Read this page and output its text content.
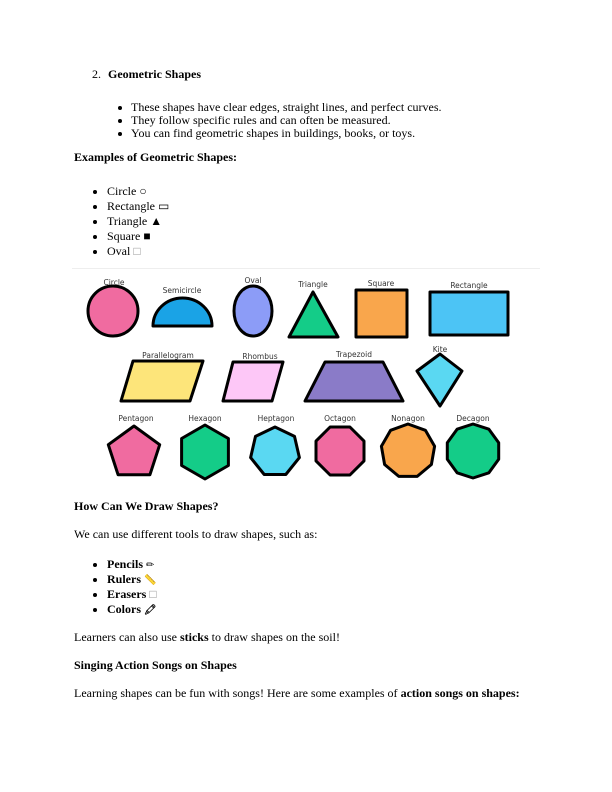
2. Geometric Shapes
These shapes have clear edges, straight lines, and perfect curves.
They follow specific rules and can often be measured.
You can find geometric shapes in buildings, books, or toys.
Examples of Geometric Shapes:
Circle ○
Rectangle ▭
Triangle ▲
Square ■
Oval □
Circle
Semicircle
Oval	Triangle	Square	Rectangle
Parallelogram	Rhombus	Trapezoid
Kite
Pentagon	Hexagon	Heptagon	Octagon	Nonagon	Decagon
How Can We Draw Shapes?
We can use different tools to draw shapes, such as:
Pencils ✏
Rulers 📏
Erasers □
Colors 🖍
Learners can also use sticks to draw shapes on the soil!
Singing Action Songs on Shapes
Learning shapes can be fun with songs! Here are some examples of action songs on shapes:
